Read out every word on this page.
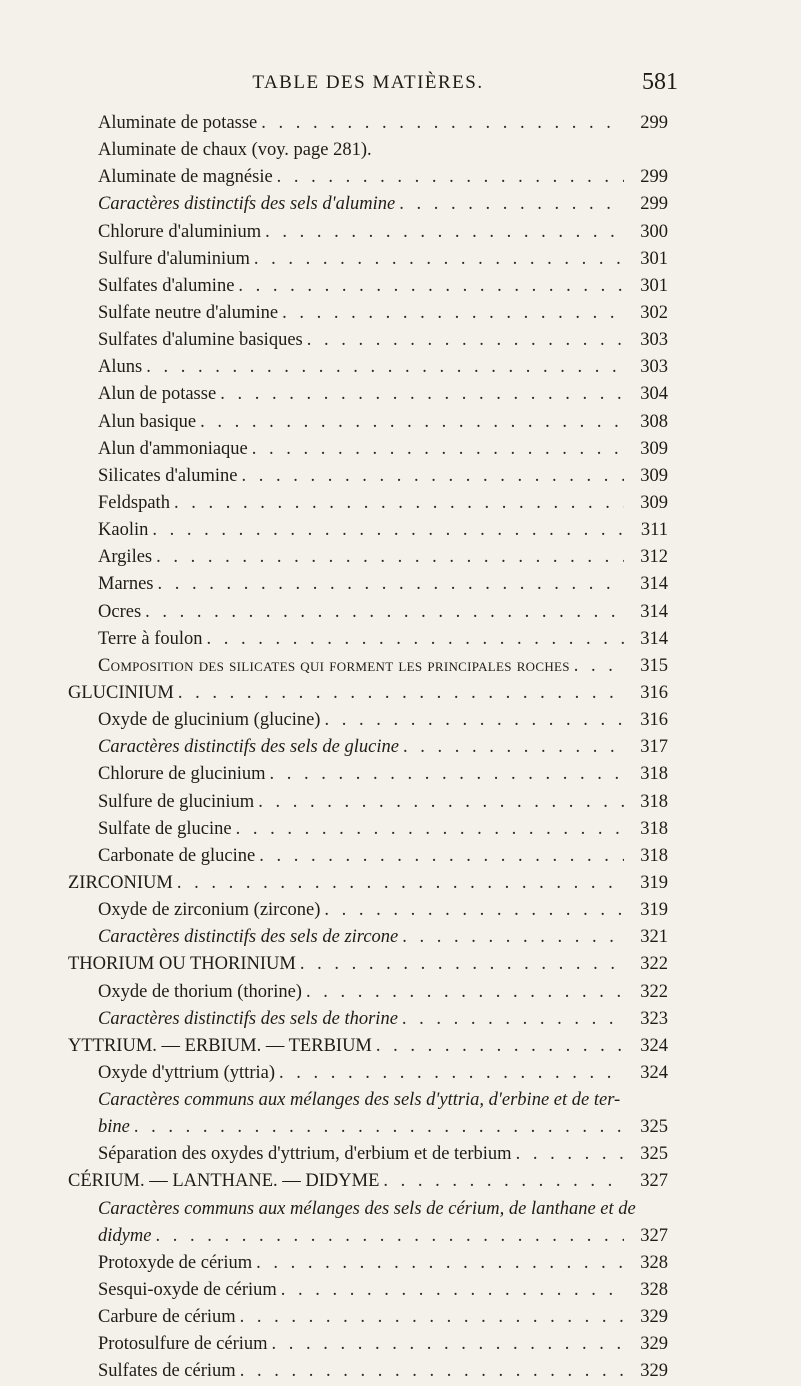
TABLE DES MATIÈRES.	581
Aluminate de potasse . . .	299
Aluminate de chaux (voy. page 281).
Aluminate de magnésie . . .	299
Caractères distinctifs des sels d'alumine . . .	299
Chlorure d'aluminium . . .	300
Sulfure d'aluminium . . .	301
Sulfates d'alumine . . .	301
Sulfate neutre d'alumine . . .	302
Sulfates d'alumine basiques . . .	303
Aluns . . .	303
Alun de potasse . . .	304
Alun basique . . .	308
Alun d'ammoniaque . . .	309
Silicates d'alumine . . .	309
Feldspath . . .	309
Kaolin . . .	311
Argiles . . .	312
Marnes . . .	314
Ocres . . .	314
Terre à foulon . . .	314
Composition des silicates qui forment les principales roches . . .	315
GLUCINIUM . . .	316
Oxyde de glucinium (glucine) . . .	316
Caractères distinctifs des sels de glucine . . .	317
Chlorure de glucinium . . .	318
Sulfure de glucinium . . .	318
Sulfate de glucine . . .	318
Carbonate de glucine . . .	318
ZIRCONIUM . . .	319
Oxyde de zirconium (zircone) . . .	319
Caractères distinctifs des sels de zircone . . .	321
THORIUM OU THORINIUM . . .	322
Oxyde de thorium (thorine) . . .	322
Caractères distinctifs des sels de thorine . . .	323
YTTRIUM. — ERBIUM. — TERBIUM . . .	324
Oxyde d'yttrium (yttria) . . .	324
Caractères communs aux mélanges des sels d'yttria, d'erbine et de ter-
bine . . .	325
Séparation des oxydes d'yttrium, d'erbium et de terbium . . .	325
CÉRIUM. — LANTHANE. — DIDYME . . .	327
Caractères communs aux mélanges des sels de cérium, de lanthane et de
didyme . . .	327
Protoxyde de cérium . . .	328
Sesqui-oxyde de cérium . . .	328
Carbure de cérium . . .	329
Protosulfure de cérium . . .	329
Sulfates de cérium . . .	329
